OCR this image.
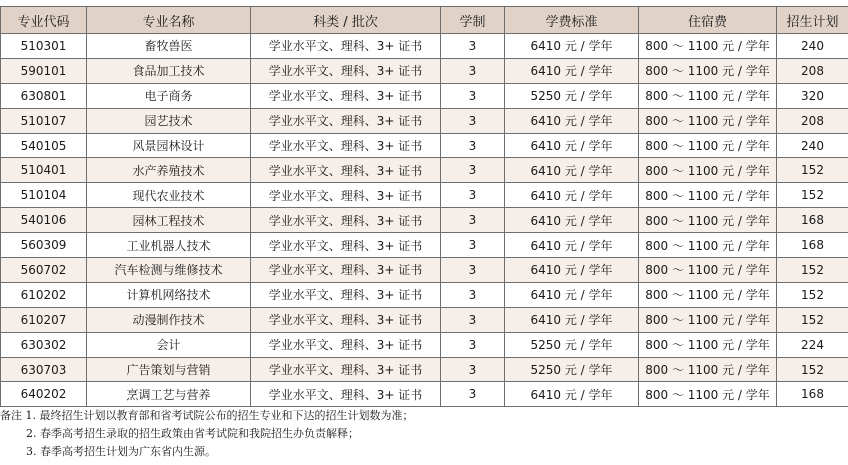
专业代码	专业名称	科类 / 批次	学制	学费标准	住宿费	招生计划
510301	畜牧兽医	学业水平文、理科、3+ 证书	3	6410 元 / 学年	800 ～ 1100 元 / 学年	240
590101	食品加工技术	学业水平文、理科、3+ 证书	3	6410 元 / 学年	800 ～ 1100 元 / 学年	208
630801	电子商务	学业水平文、理科、3+ 证书	3	5250 元 / 学年	800 ～ 1100 元 / 学年	320
510107	园艺技术	学业水平文、理科、3+ 证书	3	6410 元 / 学年	800 ～ 1100 元 / 学年	208
540105	风景园林设计	学业水平文、理科、3+ 证书	3	6410 元 / 学年	800 ～ 1100 元 / 学年	240
510401	水产养殖技术	学业水平文、理科、3+ 证书	3	6410 元 / 学年	800 ～ 1100 元 / 学年	152
510104	现代农业技术	学业水平文、理科、3+ 证书	3	6410 元 / 学年	800 ～ 1100 元 / 学年	152
540106	园林工程技术	学业水平文、理科、3+ 证书	3	6410 元 / 学年	800 ～ 1100 元 / 学年	168
560309	工业机器人技术	学业水平文、理科、3+ 证书	3	6410 元 / 学年	800 ～ 1100 元 / 学年	168
560702	汽车检测与维修技术	学业水平文、理科、3+ 证书	3	6410 元 / 学年	800 ～ 1100 元 / 学年	152
610202	计算机网络技术	学业水平文、理科、3+ 证书	3	6410 元 / 学年	800 ～ 1100 元 / 学年	152
610207	动漫制作技术	学业水平文、理科、3+ 证书	3	6410 元 / 学年	800 ～ 1100 元 / 学年	152
630302	会计	学业水平文、理科、3+ 证书	3	5250 元 / 学年	800 ～ 1100 元 / 学年	224
630703	广告策划与营销	学业水平文、理科、3+ 证书	3	5250 元 / 学年	800 ～ 1100 元 / 学年	152
640202	烹调工艺与营养	学业水平文、理科、3+ 证书	3	6410 元 / 学年	800 ～ 1100 元 / 学年	168
备注 1. 最终招生计划以教育部和省考试院公布的招生专业和下达的招生计划数为准；
2. 春季高考招生录取的招生政策由省考试院和我院招生办负责解释；
3. 春季高考招生计划为广东省内生源。
